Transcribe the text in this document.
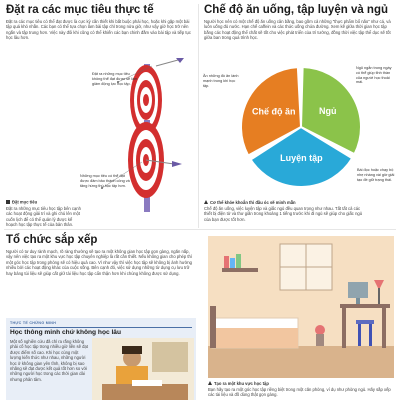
Đặt ra các mục tiêu thực tế
Đặt ra các mục tiêu có thể đạt được là cực kỳ cần thiết khi bắt buộc phải học, hoặc khi gặp một bài tập quá khó nhằn. Các bạn có thể tựa chọn làm bài tập chỉ trong nửa giờ, như vậy giờ học trở nên ngắn và tập trung hơn. Việc này đôi khi cũng có thể khiến các bạn chinh đắm vào bài tập và tiếp tục học lâu hơn.
Đặt ra những mục tiêu không thể đạt được sẽ làm giảm động lực học tập.
Những mục tiêu có thể đạt được đảm bảo thành công và tăng hứng thú học tập hơn.
Đặt mục tiêu
Đặt ra những mục tiêu học tập bên cạnh các hoạt động giải trí và ghi chú lên một cuốn lịch để có thể quản lý được kế hoạch học tập thực tế của bản thân.
Chế độ ăn uống, tập luyện và ngủ
Người học nên có một chế độ ăn uống cân bằng, bao gồm cả những "thực phẩm bổ não" như cá, và luôn uống đủ nước. Hạn chế caffein và các thức uống chứa đường. Xem kẽ giữa thời gian học tập bằng các hoạt động thể chất sẽ tốt cho việc phát triển của trí tưởng, đồng thời việc tập thể dục sẽ tốt giữa ban trong quá trình học.
Chế độ ăn	Ngủ
Luyện tập
Ăn những đồ ăn lành mạnh trong khi học tập.
Ngủ ngắn trong ngày có thể giúp tỉnh thần của người học thoải mái.
Bài đọc hoặc chạy bộ nhẹ nhàng vài giờ giải tạo đề giữ trạng thái.
Cơ thể khỏe khoắn thì đầu óc sẽ minh mẫn
Chế độ ăn uống, việc luyện tập và giấc ngủ đều quan trọng như nhau. Tất tất cả các thiết bị điện tử và thư giãn trong khoảng 1 tiếng trước khi đi ngủ sẽ giúp cho giấc ngủ của bạn được tốt hơn.
Tổ chức sắp xếp
Người có tư duy rành mạch, rõ ràng thường sẽ tạo ra một không gian học tập gọn gàng, ngăn nắp, vậy nên việc tạo ra một khu vực học tập chuyên nghiệp là rất cần thiết. Nếu không gian cho phép thì một góc học tập trong phòng sẽ có hiệu quả cao. Vì như vậy thì việc học tập sẽ không bị ảnh hưởng nhiều bởi các hoạt động khác của cuộc sống. Bên cạnh đó, việc sử dụng những từ dụng cụ lưu trữ hay bảng túi liệu sẽ giúp cất giữ tài liệu học tập cẩn thận hơn khi chúng không được sử dụng.
THỰC TẾ CHỨNG MINH
Học thông minh chứ không học lâu
Một số nghiên cứu đã chỉ ra rằng không phải cố học tập trong nhiều giờ liền sẽ đạt được điểm số cao. Khi học cùng một lượng kiến thức như nhau, những người học ở không gian yên tĩnh, không bị sao nhãng sẽ đạt được kết quả tốt hơn so với những người học trong các thời gian dài nhưng phân tâm.
Tạo ra một khu vực học tập
Bạn hãy tạo ra một góc học tập riêng biệt trong một căn phòng, ví dụ như phòng ngủ. Hãy sắp xếp các tài liệu và đồ dùng thật gọn gàng.
